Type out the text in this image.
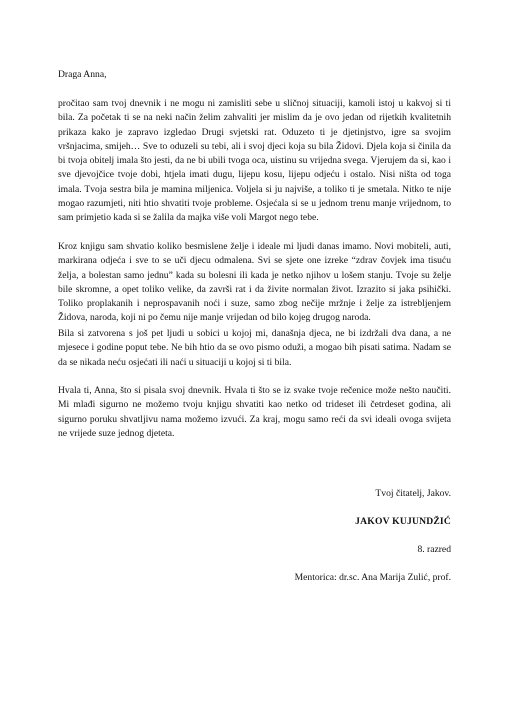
Draga Anna,
pročitao sam tvoj dnevnik i ne mogu ni zamisliti sebe u sličnoj situaciji, kamoli istoj u kakvoj si ti bila. Za početak ti se na neki način želim zahvaliti jer mislim da je ovo jedan od rijetkih kvalitetnih prikaza kako je zapravo izgledao Drugi svjetski rat. Oduzeto ti je djetinjstvo, igre sa svojim vršnjacima, smijeh… Sve to oduzeli su tebi, ali i svoj djeci koja su bila Židovi. Djela koja si činila da bi tvoja obitelj imala što jesti, da ne bi ubili tvoga oca, uistinu su vrijedna svega. Vjerujem da si, kao i sve djevojčice tvoje dobi, htjela imati dugu, lijepu kosu, lijepu odjeću i ostalo. Nisi ništa od toga imala. Tvoja sestra bila je mamina miljenica. Voljela si ju najviše, a toliko ti je smetala. Nitko te nije mogao razumjeti, niti htio shvatiti tvoje probleme. Osjećala si se u jednom trenu manje vrijednom, to sam primjetio kada si se žalila da majka više voli Margot nego tebe.
Kroz knjigu sam shvatio koliko besmislene želje i ideale mi ljudi danas imamo. Novi mobiteli, auti, markirana odjeća i sve to se uči djecu odmalena. Svi se sjete one izreke “zdrav čovjek ima tisuću želja, a bolestan samo jednu” kada su bolesni ili kada je netko njihov u lošem stanju. Tvoje su želje bile skromne, a opet toliko velike, da završi rat i da živite normalan život. Izrazito si jaka psihički. Toliko proplakanih i neprospavanih noći i suze, samo zbog nečije mržnje i želje za istrebljenjem Židova, naroda, koji ni po čemu nije manje vrijedan od bilo kojeg drugog naroda.
Bila si zatvorena s još pet ljudi u sobici u kojoj mi, današnja djeca, ne bi izdržali dva dana, a ne mjesece i godine poput tebe. Ne bih htio da se ovo pismo oduži, a mogao bih pisati satima. Nadam se da se nikada neću osjećati ili naći u situaciji u kojoj si ti bila.
Hvala ti, Anna, što si pisala svoj dnevnik. Hvala ti što se iz svake tvoje rečenice može nešto naučiti. Mi mlađi sigurno ne možemo tvoju knjigu shvatiti kao netko od trideset ili četrdeset godina, ali sigurno poruku shvatljivu nama možemo izvući. Za kraj, mogu samo reći da svi ideali ovoga svijeta ne vrijede suze jednog djeteta.
Tvoj čitatelj, Jakov.
JAKOV KUJUNDŽIĆ
8. razred
Mentorica: dr.sc. Ana Marija Zulić, prof.
